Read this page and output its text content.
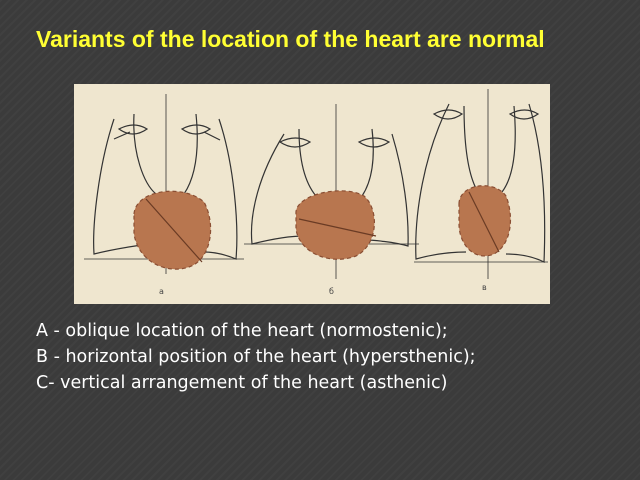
Variants of the location of the heart are normal
а	б	в
A - oblique location of the heart (normostenic);
B - horizontal position of the heart (hypersthenic);
C- vertical arrangement of the heart (asthenic)
